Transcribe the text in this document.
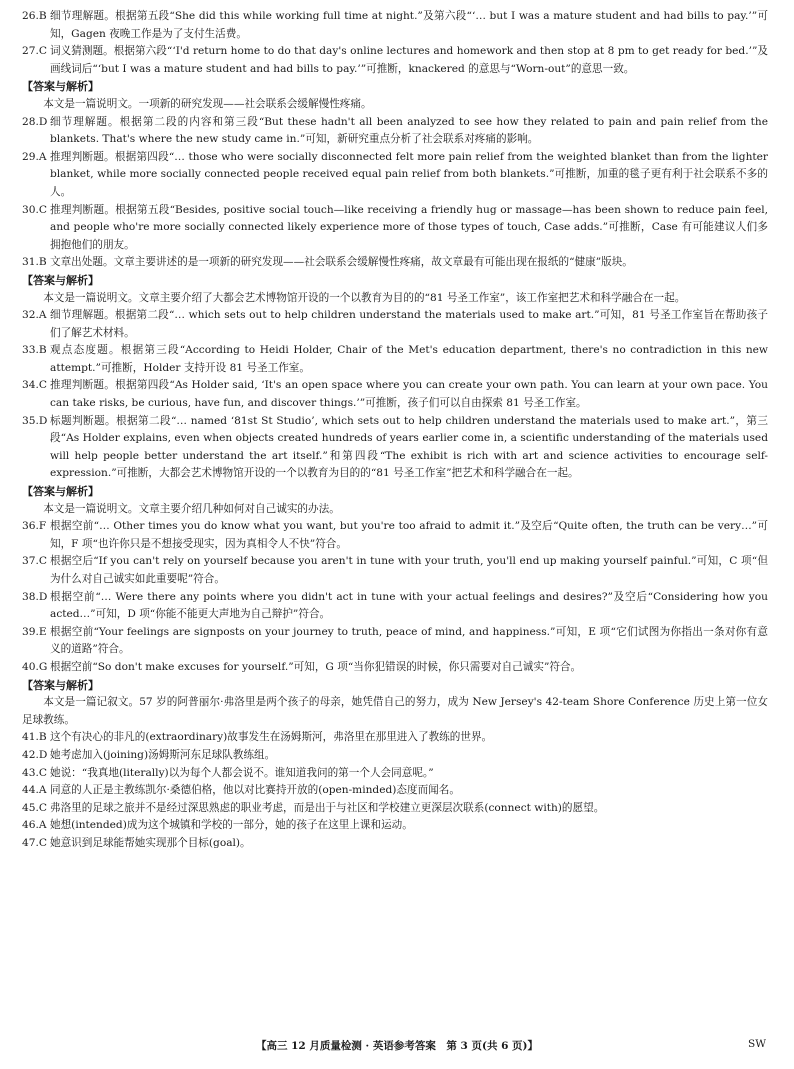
26.B 细节理解题。根据第五段“She did this while working full time at night.”及第六段“‘… but I was a mature student and had bills to pay.’”可知，Gagen 夜晚工作是为了支付生活费。
27.C 词义猜测题。根据第六段“‘I'd return home to do that day's online lectures and homework and then stop at 8 pm to get ready for bed.’”及画线词后“‘but I was a mature student and had bills to pay.’”可推断，knackered 的意思与“Worn-out”的意思一致。
【答案与解析】
本文是一篇说明文。一项新的研究发现——社会联系会缓解慢性疼痛。
28.D 细节理解题。根据第二段的内容和第三段“But these hadn't all been analyzed to see how they related to pain and pain relief from the blankets. That's where the new study came in.”可知，新研究重点分析了社会联系对疼痛的影响。
29.A 推理判断题。根据第四段“… those who were socially disconnected felt more pain relief from the weighted blanket than from the lighter blanket, while more socially connected people received equal pain relief from both blankets.”可推断，加重的毯子更有利于社会联系不多的人。
30.C 推理判断题。根据第五段“Besides, positive social touch—like receiving a friendly hug or massage—has been shown to reduce pain feel, and people who're more socially connected likely experience more of those types of touch, Case adds.”可推断，Case 有可能建议人们多拥抱他们的朋友。
31.B 文章出处题。文章主要讲述的是一项新的研究发现——社会联系会缓解慢性疼痛，故文章最有可能出现在报纸的“健康”版块。
【答案与解析】
本文是一篇说明文。文章主要介绍了大都会艺术博物馆开设的一个以教育为目的的“81 号圣工作室”，该工作室把艺术和科学融合在一起。
32.A 细节理解题。根据第二段“… which sets out to help children understand the materials used to make art.”可知，81 号圣工作室旨在帮助孩子们了解艺术材料。
33.B 观点态度题。根据第三段“According to Heidi Holder, Chair of the Met's education department, there's no contradiction in this new attempt.”可推断，Holder 支持开设 81 号圣工作室。
34.C 推理判断题。根据第四段“As Holder said, ‘It's an open space where you can create your own path. You can learn at your own pace. You can take risks, be curious, have fun, and discover things.’”可推断，孩子们可以自由探索 81 号圣工作室。
35.D 标题判断题。根据第二段“… named ‘81st St Studio’, which sets out to help children understand the materials used to make art.”，第三段“As Holder explains, even when objects created hundreds of years earlier come in, a scientific understanding of the materials used will help people better understand the art itself.”和第四段“The exhibit is rich with art and science activities to encourage self-expression.”可推断，大都会艺术博物馆开设的一个以教育为目的的“81 号圣工作室”把艺术和科学融合在一起。
【答案与解析】
本文是一篇说明文。文章主要介绍几种如何对自己诚实的办法。
36.F 根据空前“… Other times you do know what you want, but you're too afraid to admit it.”及空后“Quite often, the truth can be very…”可知，F 项“也许你只是不想接受现实，因为真相令人不快”符合。
37.C 根据空后“If you can't rely on yourself because you aren't in tune with your truth, you'll end up making yourself painful.”可知，C 项“但为什么对自己诚实如此重要呢”符合。
38.D 根据空前“… Were there any points where you didn't act in tune with your actual feelings and desires?”及空后“Considering how you acted…”可知，D 项“你能不能更大声地为自己辩护”符合。
39.E 根据空前“Your feelings are signposts on your journey to truth, peace of mind, and happiness.”可知，E 项“它们试图为你指出一条对你有意义的道路”符合。
40.G 根据空前“So don't make excuses for yourself.”可知，G 项“当你犯错误的时候，你只需要对自己诚实”符合。
【答案与解析】
本文是一篇记叙文。57 岁的阿普丽尔·弗洛里是两个孩子的母亲，她凭借自己的努力，成为 New Jersey's 42-team Shore Conference 历史上第一位女足球教练。
41.B 这个有决心的非凡的(extraordinary)故事发生在汤姆斯河，弗洛里在那里进入了教练的世界。
42.D 她考虑加入(joining)汤姆斯河东足球队教练组。
43.C 她说：“我真地(literally)以为每个人都会说不。谁知道我问的第一个人会同意呢。”
44.A 同意的人正是主教练凯尔·桑德伯格，他以对比赛持开放的(open-minded)态度而闻名。
45.C 弗洛里的足球之旅并不是经过深思熟虑的职业考虑，而是出于与社区和学校建立更深层次联系(connect with)的愿望。
46.A 她想(intended)成为这个城镇和学校的一部分，她的孩子在这里上课和运动。
47.C 她意识到足球能帮她实现那个目标(goal)。
【高三 12 月质量检测 · 英语参考答案　第 3 页(共 6 页)】	SW
